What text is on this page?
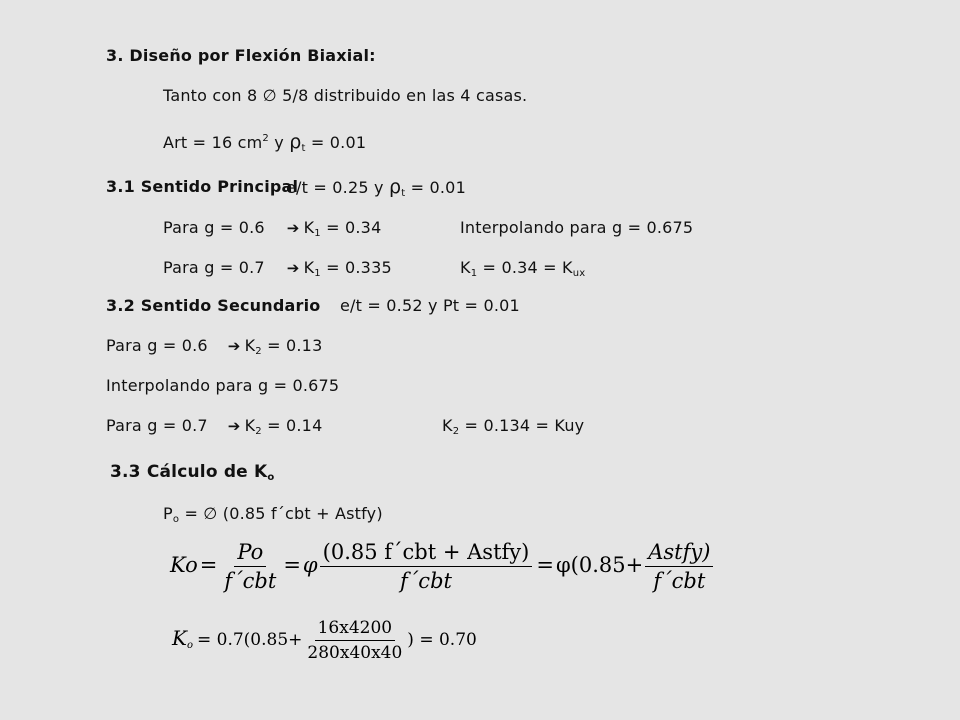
3. Diseño por Flexión Biaxial:
Tanto con 8 ∅ 5/8 distribuido en las 4 casas.
Art = 16 $cm^2$ y $\rho_t = 0.01$
3.1 Sentido Principal
e/t = 0.25 y $\rho_t = 0.01$
Para g = 0.6 ➔ $K_1 = 0.34$	Interpolando para g = 0.675
Para g = 0.7 ➔ $K_1 = 0.335$	$K_1 = 0.34 = K_{ux}$
3.2 Sentido Secundario e/t = 0.52 y Pt = 0.01
Para g = 0.6 ➔ $K_2 = 0.13$
Interpolando para g = 0.675
Para g = 0.7 ➔ $K_2 = 0.14$	$K_2 = 0.134$ = Kuy
3.3 Cálculo de $K_o$
$P_o$ = ∅ (0.85 f´cbt + Astfy)
$Ko= \frac{Po}{\text{f´cbt}} =\varphi \frac{\text{(0.85 f´cbt + Astfy)}}{\text{f´cbt}} =\varphi(0.85+ \frac{\text{Astfy)}}{\text{f´cbt}}$
$K_o = 0.7(0.85+ \frac{16x4200}{280x40x40}$ ) = 0.70
